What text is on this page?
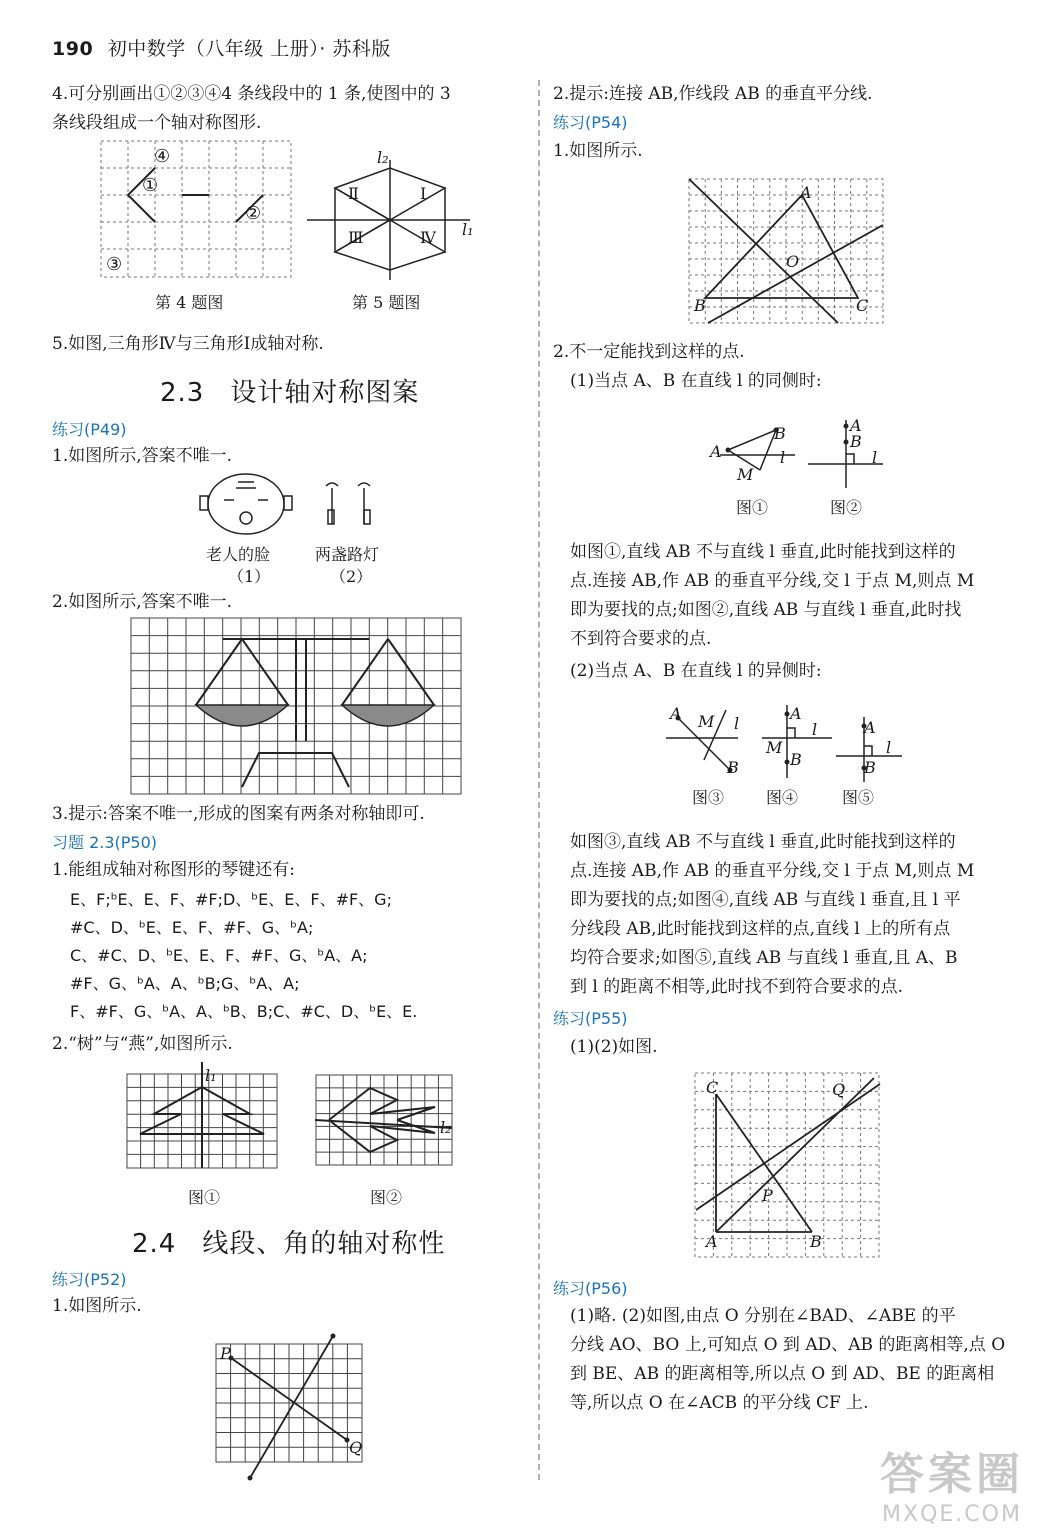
190 初中数学（八年级 上册）· 苏科版
4.可分别画出①②③④4 条线段中的 1 条,使图中的 3
条线段组成一个轴对称图形.
④
①
②
③
第 4 题图
l₂
Ⅰ
Ⅱ
Ⅲ	Ⅳ l₁
第 5 题图
5.如图,三角形Ⅳ与三角形Ⅰ成轴对称.
2.3 设计轴对称图案
练习(P49)
1.如图所示,答案不唯一.
老人的脸
（1）
两盏路灯
（2）
2.如图所示,答案不唯一.
3.提示:答案不唯一,形成的图案有两条对称轴即可.
习题 2.3(P50)
1.能组成轴对称图形的琴键还有:
E、F;ᵇE、E、F、#F;D、ᵇE、E、F、#F、G;
#C、D、ᵇE、E、F、#F、G、ᵇA;
C、#C、D、ᵇE、E、F、#F、G、ᵇA、A;
#F、G、ᵇA、A、ᵇB;G、ᵇA、A;
F、#F、G、ᵇA、A、ᵇB、B;C、#C、D、ᵇE、E.
2.“树”与“燕”,如图所示.
l₁
l₂
图①	图②
2.4 线段、角的轴对称性
练习(P52)
1.如图所示.
P
Q
2.提示:连接 AB,作线段 AB 的垂直平分线.
练习(P54)
1.如图所示.
A
O
B	C
2.不一定能找到这样的点.
(1)当点 A、B 在直线 l 的同侧时:
A
B
M
l
A
B
l
图①	图②
如图①,直线 AB 不与直线 l 垂直,此时能找到这样的
点.连接 AB,作 AB 的垂直平分线,交 l 于点 M,则点 M
即为要找的点;如图②,直线 AB 与直线 l 垂直,此时找
不到符合要求的点.
(2)当点 A、B 在直线 l 的异侧时:
A M l
B
A
l
M
B
A
l
B
图③	图④	图⑤
如图③,直线 AB 不与直线 l 垂直,此时能找到这样的
点.连接 AB,作 AB 的垂直平分线,交 l 于点 M,则点 M
即为要找的点;如图④,直线 AB 与直线 l 垂直,且 l 平
分线段 AB,此时能找到这样的点,直线 l 上的所有点
均符合要求;如图⑤,直线 AB 与直线 l 垂直,且 A、B
到 l 的距离不相等,此时找不到符合要求的点.
练习(P55)
(1)(2)如图.
C	Q
P
A	B
练习(P56)
(1)略. (2)如图,由点 O 分别在∠BAD、∠ABE 的平
分线 AO、BO 上,可知点 O 到 AD、AB 的距离相等,点 O
到 BE、AB 的距离相等,所以点 O 到 AD、BE 的距离相
等,所以点 O 在∠ACB 的平分线 CF 上.
答案圈
MXQE.COM
